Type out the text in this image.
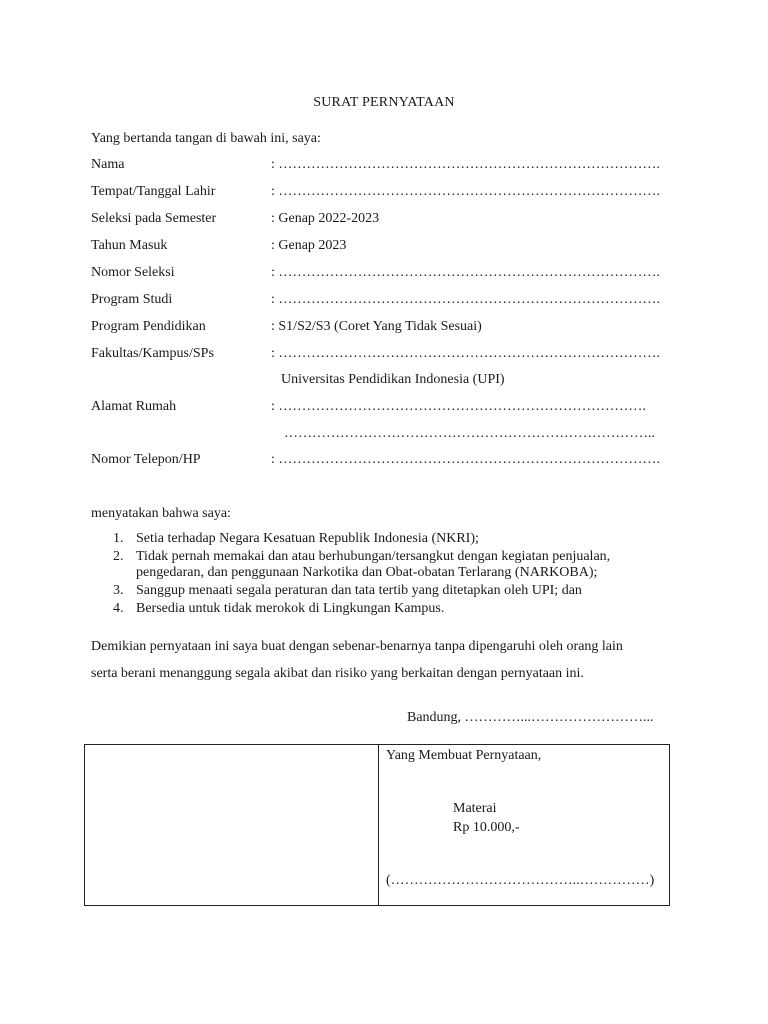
SURAT PERNYATAAN
Yang bertanda tangan di bawah ini, saya:
Nama	: ……………………………………………………………………….
Tempat/Tanggal Lahir	: ……………………………………………………………………….
Seleksi pada Semester	: Genap 2022-2023
Tahun Masuk	: Genap 2023
Nomor Seleksi	: ……………………………………………………………………….
Program Studi	: ……………………………………………………………………….
Program Pendidikan	: S1/S2/S3 (Coret Yang Tidak Sesuai)
Fakultas/Kampus/SPs	: ……………………………………………………………………….
Universitas Pendidikan Indonesia (UPI)
Alamat Rumah	: …………………………………………………………………….
……………………………………………………………………..
Nomor Telepon/HP	: ……………………………………………………………………….
menyatakan bahwa saya:
1. Setia terhadap Negara Kesatuan Republik Indonesia (NKRI);
2. Tidak pernah memakai dan atau berhubungan/tersangkut dengan kegiatan penjualan, pengedaran, dan penggunaan Narkotika dan Obat-obatan Terlarang (NARKOBA);
3. Sanggup menaati segala peraturan dan tata tertib yang ditetapkan oleh UPI; dan
4. Bersedia untuk tidak merokok di Lingkungan Kampus.
Demikian pernyataan ini saya buat dengan sebenar-benarnya tanpa dipengaruhi oleh orang lain
serta berani menanggung segala akibat dan risiko yang berkaitan dengan pernyataan ini.
Bandung, …………...……………………...
Yang Membuat Pernyataan,
Materai
Rp 10.000,-
(…………………………………..……………)
